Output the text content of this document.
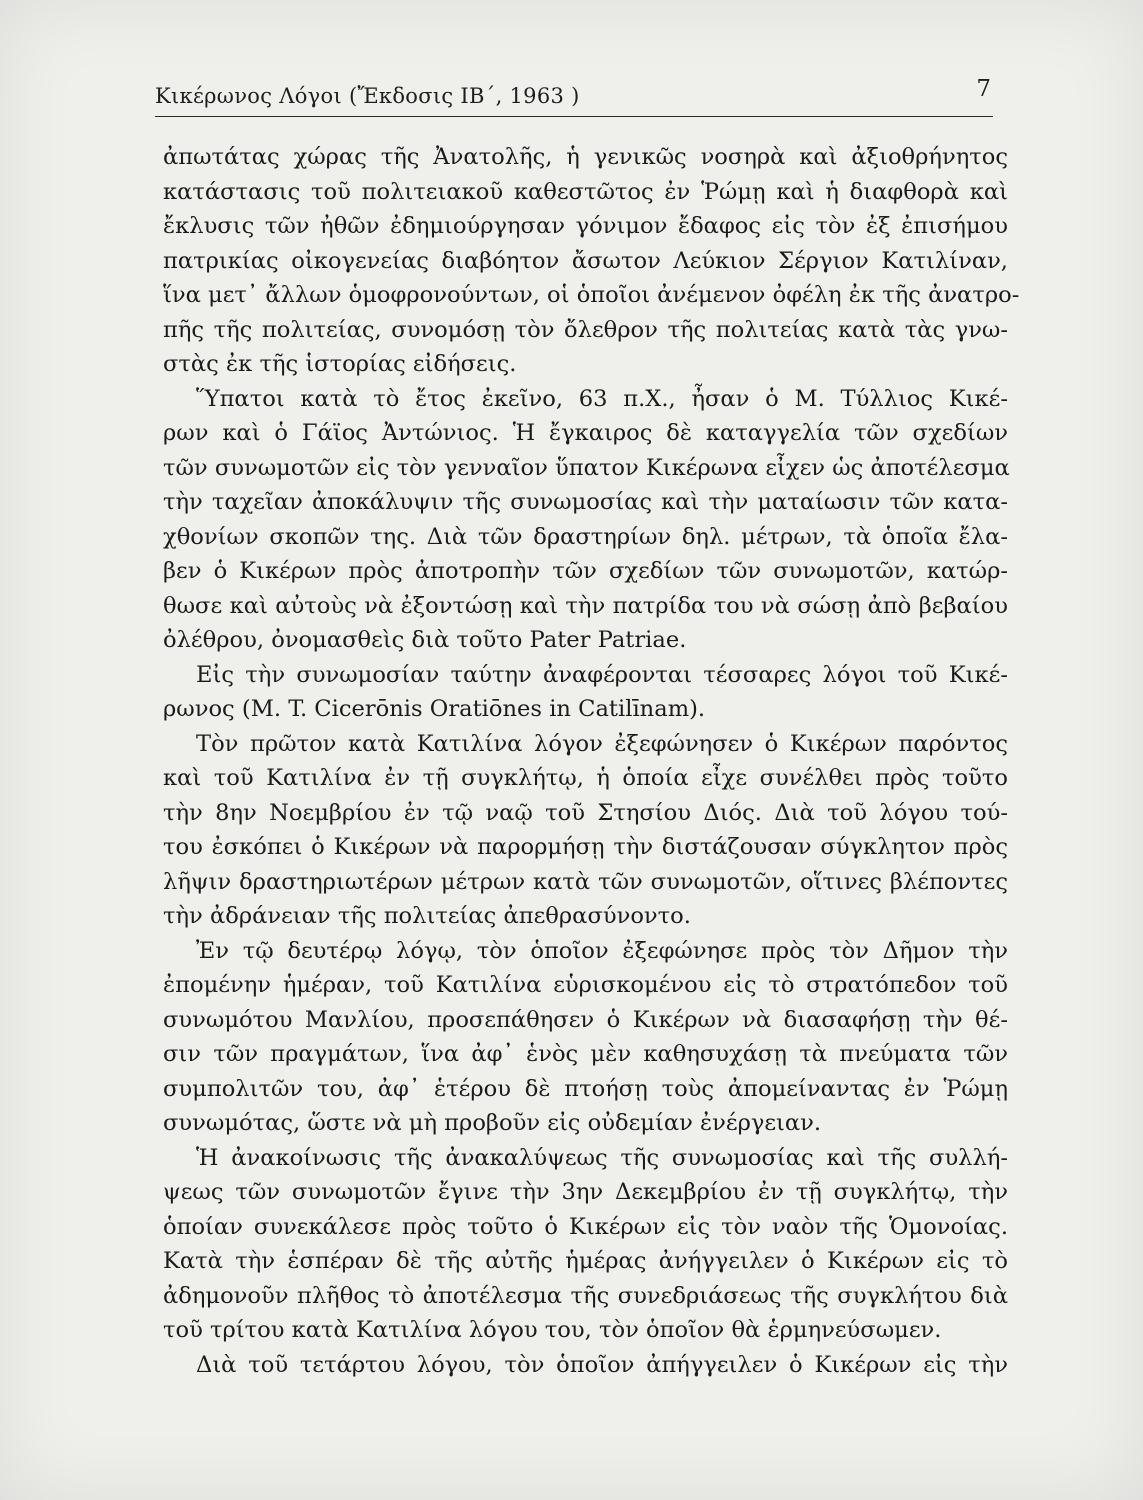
Κικέρωνος Λόγοι (Ἔκδοσις ΙΒ΄, 1963 )	7
ἀπωτάτας χώρας τῆς Ἀνατολῆς, ἡ γενικῶς νοσηρὰ καὶ ἀξιοθρήνητος
κατάστασις τοῦ πολιτειακοῦ καθεστῶτος ἐν Ῥώμῃ καὶ ἡ διαφθορὰ καὶ
ἔκλυσις τῶν ἠθῶν ἐδημιούργησαν γόνιμον ἔδαφος εἰς τὸν ἐξ ἐπισήμου
πατρικίας οἰκογενείας διαβόητον ἄσωτον Λεύκιον Σέργιον Κατιλίναν,
ἵνα μετ᾽ ἄλλων ὁμοφρονούντων, οἱ ὁποῖοι ἀνέμενον ὀφέλη ἐκ τῆς ἀνατρο-
πῆς τῆς πολιτείας, συνομόσῃ τὸν ὄλεθρον τῆς πολιτείας κατὰ τὰς γνω-
στὰς ἐκ τῆς ἱστορίας εἰδήσεις.
Ὕπατοι κατὰ τὸ ἔτος ἐκεῖνο, 63 π.Χ., ἦσαν ὁ Μ. Τύλλιος Κικέ-
ρων καὶ ὁ Γάϊος Ἀντώνιος. Ἡ ἔγκαιρος δὲ καταγγελία τῶν σχεδίων
τῶν συνωμοτῶν εἰς τὸν γενναῖον ὕπατον Κικέρωνα εἶχεν ὡς ἀποτέλεσμα
τὴν ταχεῖαν ἀποκάλυψιν τῆς συνωμοσίας καὶ τὴν ματαίωσιν τῶν κατα-
χθονίων σκοπῶν της. Διὰ τῶν δραστηρίων δηλ. μέτρων, τὰ ὁποῖα ἔλα-
βεν ὁ Κικέρων πρὸς ἀποτροπὴν τῶν σχεδίων τῶν συνωμοτῶν, κατώρ-
θωσε καὶ αὐτοὺς νὰ ἐξοντώσῃ καὶ τὴν πατρίδα του νὰ σώσῃ ἀπὸ βεβαίου
ὀλέθρου, ὀνομασθεὶς διὰ τοῦτο Pater Patriae.
Εἰς τὴν συνωμοσίαν ταύτην ἀναφέρονται τέσσαρες λόγοι τοῦ Κικέ-
ρωνος (M. T. Cicerōnis Oratiōnes in Catilīnam).
Τὸν πρῶτον κατὰ Κατιλίνα λόγον ἐξεφώνησεν ὁ Κικέρων παρόντος
καὶ τοῦ Κατιλίνα ἐν τῇ συγκλήτῳ, ἡ ὁποία εἶχε συνέλθει πρὸς τοῦτο
τὴν 8ην Νοεμβρίου ἐν τῷ ναῷ τοῦ Στησίου Διός. Διὰ τοῦ λόγου τού-
του ἐσκόπει ὁ Κικέρων νὰ παρορμήσῃ τὴν διστάζουσαν σύγκλητον πρὸς
λῆψιν δραστηριωτέρων μέτρων κατὰ τῶν συνωμοτῶν, οἵτινες βλέποντες
τὴν ἀδράνειαν τῆς πολιτείας ἀπεθρασύνοντο.
Ἐν τῷ δευτέρῳ λόγῳ, τὸν ὁποῖον ἐξεφώνησε πρὸς τὸν Δῆμον τὴν
ἐπομένην ἡμέραν, τοῦ Κατιλίνα εὑρισκομένου εἰς τὸ στρατόπεδον τοῦ
συνωμότου Μανλίου, προσεπάθησεν ὁ Κικέρων νὰ διασαφήσῃ τὴν θέ-
σιν τῶν πραγμάτων, ἵνα ἀφ᾽ ἑνὸς μὲν καθησυχάσῃ τὰ πνεύματα τῶν
συμπολιτῶν του, ἀφ᾽ ἑτέρου δὲ πτοήσῃ τοὺς ἀπομείναντας ἐν Ῥώμῃ
συνωμότας, ὥστε νὰ μὴ προβοῦν εἰς οὐδεμίαν ἐνέργειαν.
Ἡ ἀνακοίνωσις τῆς ἀνακαλύψεως τῆς συνωμοσίας καὶ τῆς συλλή-
ψεως τῶν συνωμοτῶν ἔγινε τὴν 3ην Δεκεμβρίου ἐν τῇ συγκλήτῳ, τὴν
ὁποίαν συνεκάλεσε πρὸς τοῦτο ὁ Κικέρων εἰς τὸν ναὸν τῆς Ὁμονοίας.
Κατὰ τὴν ἑσπέραν δὲ τῆς αὐτῆς ἡμέρας ἀνήγγειλεν ὁ Κικέρων εἰς τὸ
ἀδημονοῦν πλῆθος τὸ ἀποτέλεσμα τῆς συνεδριάσεως τῆς συγκλήτου διὰ
τοῦ τρίτου κατὰ Κατιλίνα λόγου του, τὸν ὁποῖον θὰ ἑρμηνεύσωμεν.
Διὰ τοῦ τετάρτου λόγου, τὸν ὁποῖον ἀπήγγειλεν ὁ Κικέρων εἰς τὴν
